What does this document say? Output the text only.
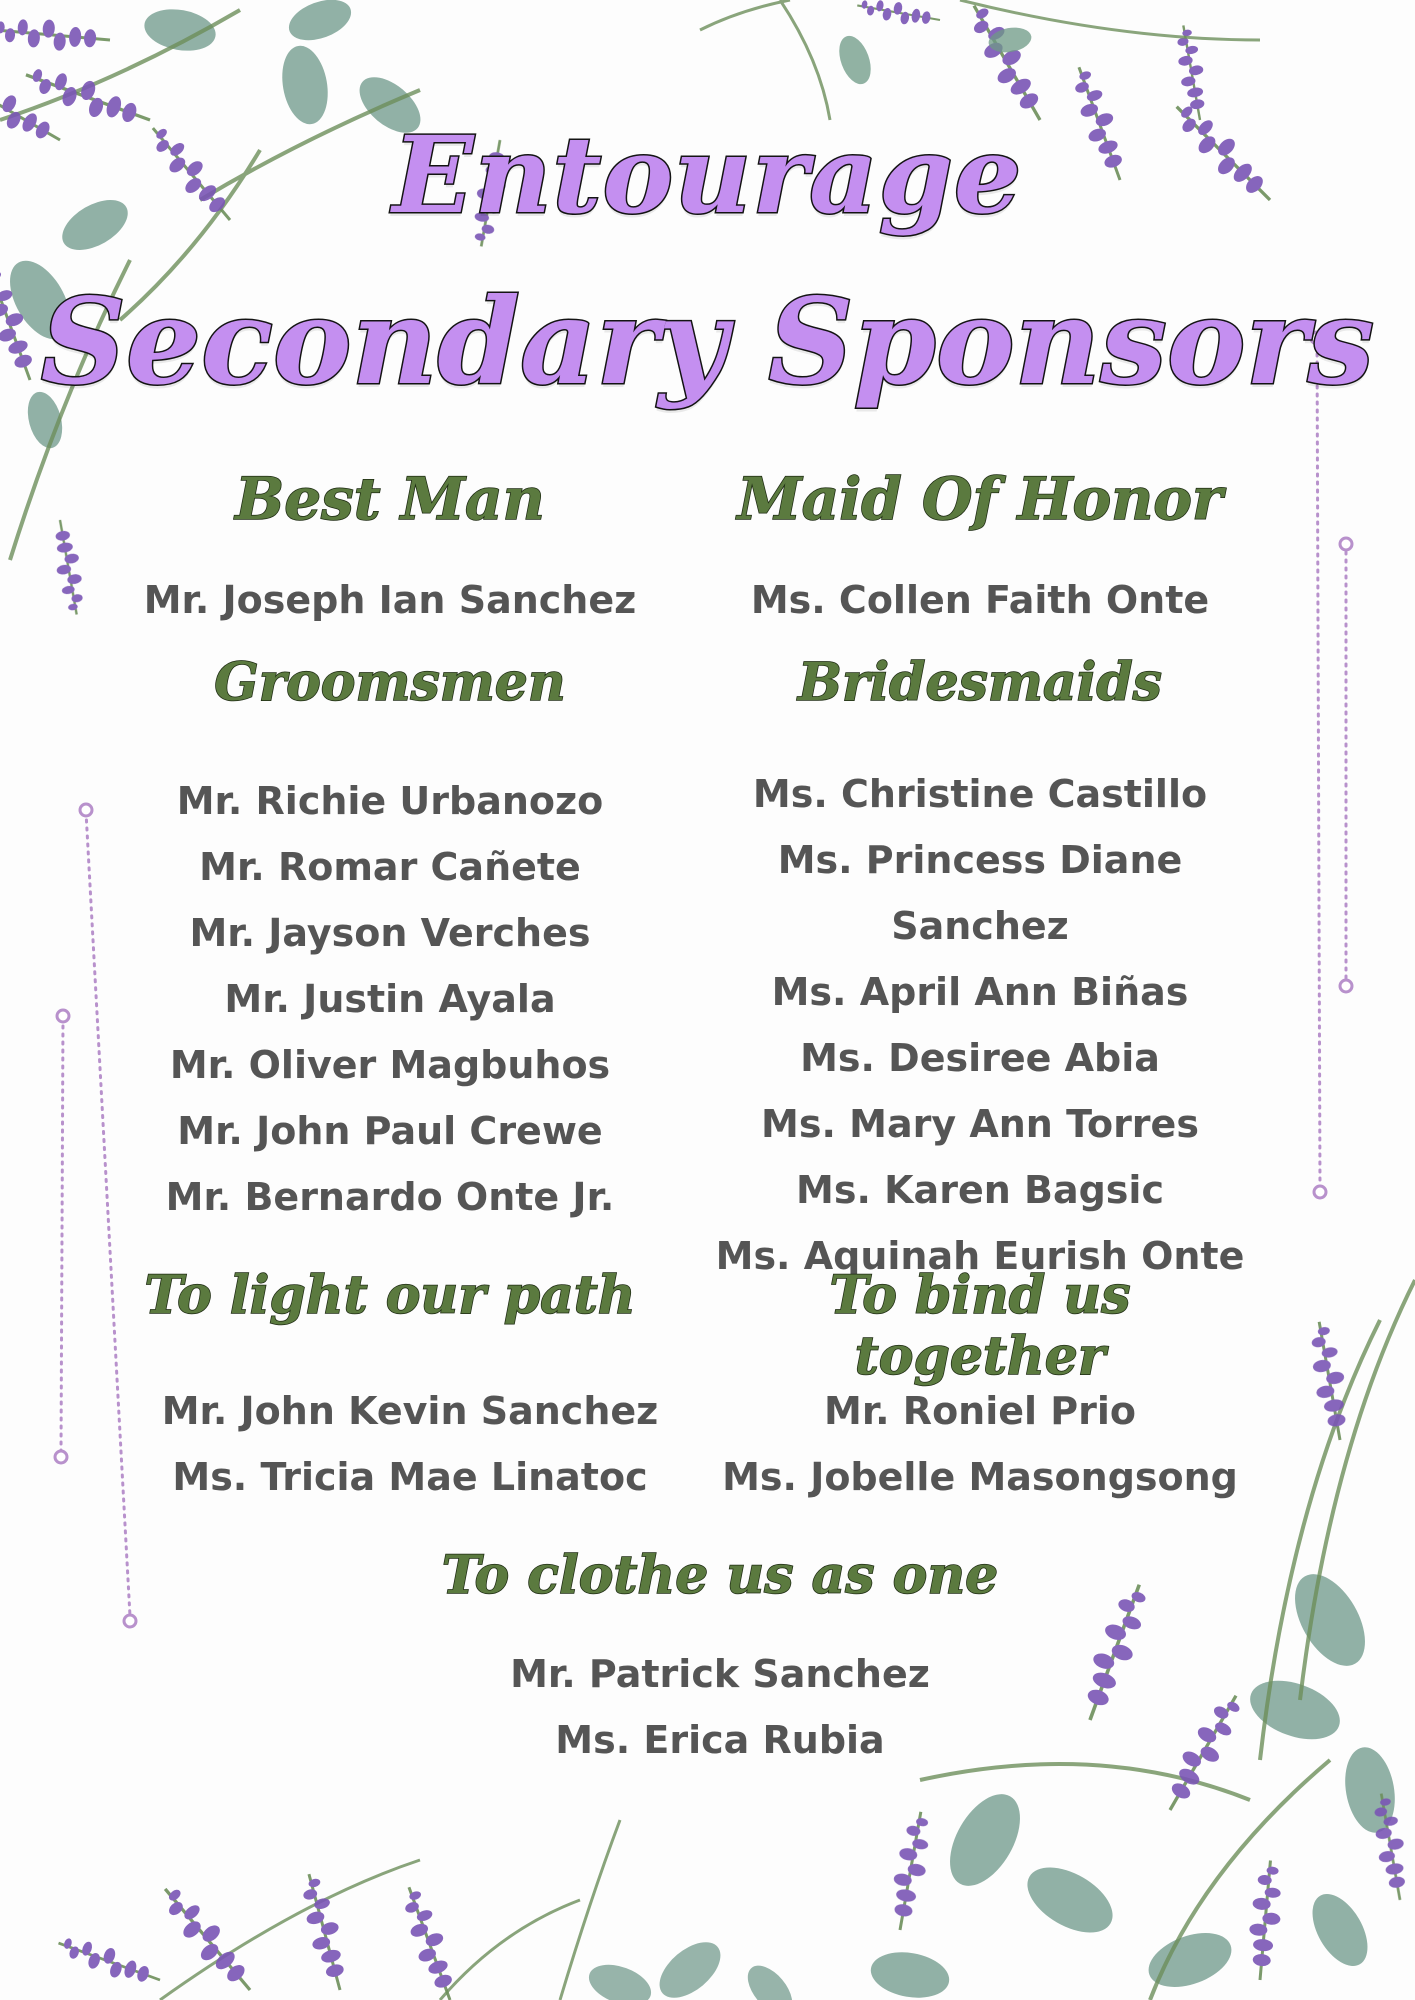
Entourage
Secondary Sponsors
Best Man
Mr. Joseph Ian Sanchez
Maid Of Honor
Ms. Collen Faith Onte
Groomsmen
Mr. Richie Urbanozo
Mr. Romar Cañete
Mr. Jayson Verches
Mr. Justin Ayala
Mr. Oliver Magbuhos
Mr. John Paul Crewe
Mr. Bernardo Onte Jr.
Bridesmaids
Ms. Christine Castillo
Ms. Princess Diane Sanchez
Ms. April Ann Biñas
Ms. Desiree Abia
Ms. Mary Ann Torres
Ms. Karen Bagsic
Ms. Aquinah Eurish Onte
To light our path
Mr. John Kevin Sanchez
Ms. Tricia Mae Linatoc
To bind us together
Mr. Roniel Prio
Ms. Jobelle Masongsong
To clothe us as one
Mr. Patrick Sanchez
Ms. Erica Rubia
